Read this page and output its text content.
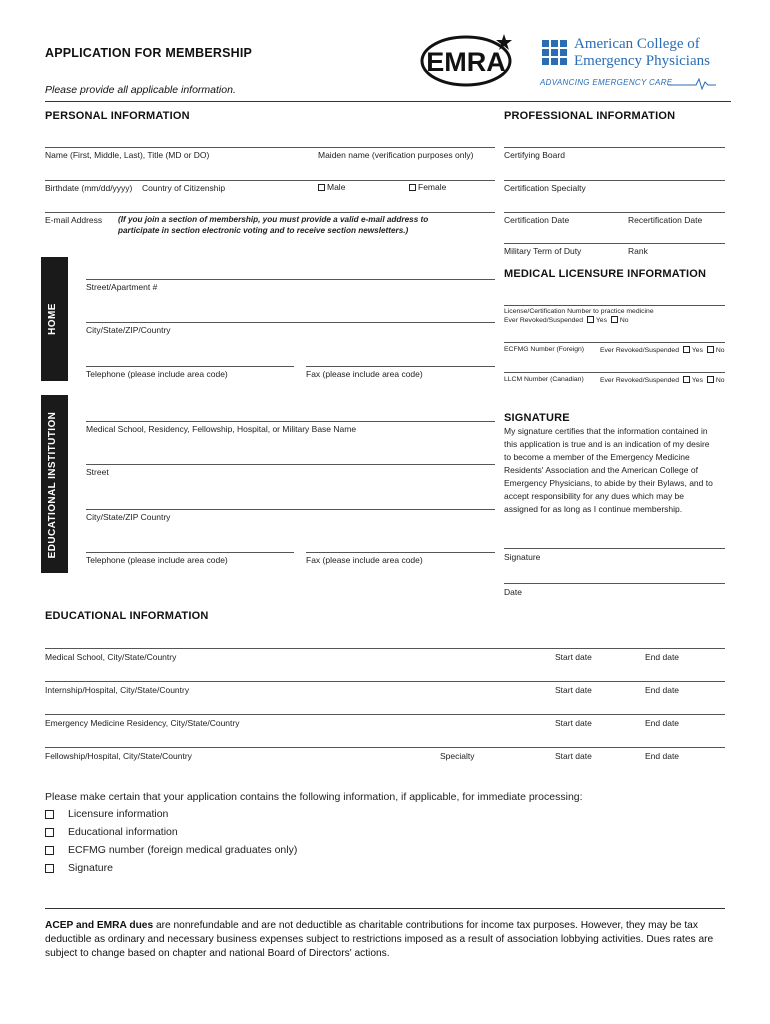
APPLICATION FOR MEMBERSHIP
Please provide all applicable information.
EMRA
American College of
Emergency Physicians
ADVANCING EMERGENCY CARE
PERSONAL INFORMATION
Name (First, Middle, Last), Title (MD or DO)	Maiden name (verification purposes only)
Birthdate (mm/dd/yyyy) Country of Citizenship	Male	Female
E-mail Address (If you join a section of membership, you must provide a valid e-mail address to
participate in section electronic voting and to receive section newsletters.)
HOME
Street/Apartment #
City/State/ZIP/Country
Telephone (please include area code)	Fax (please include area code)
EDUCATIONAL INSTITUTION	Medical School, Residency, Fellowship, Hospital, or Military Base Name
Street
City/State/ZIP Country
Telephone (please include area code)	Fax (please include area code)
PROFESSIONAL INFORMATION
Certifying Board
Certification Specialty
Certification Date	Recertification Date
Military Term of Duty	Rank
MEDICAL LICENSURE INFORMATION
License/Certification Number to practice medicine
Ever Revoked/Suspended Yes No
ECFMG Number (Foreign) Ever Revoked/Suspended Yes No
LLCM Number (Canadian) Ever Revoked/Suspended Yes No
SIGNATURE
My signature certifies that the information contained in
this application is true and is an indication of my desire
to become a member of the Emergency Medicine
Residents' Association and the American College of
Emergency Physicians, to abide by their Bylaws, and to
accept responsibility for any dues which may be
assigned for as long as I continue membership.
Signature
Date
EDUCATIONAL INFORMATION
Medical School, City/State/Country	Start date	End date
Internship/Hospital, City/State/Country	Start date	End date
Emergency Medicine Residency, City/State/Country	Start date	End date
Fellowship/Hospital, City/State/Country	Specialty	Start date	End date
Please make certain that your application contains the following information, if applicable, for immediate processing:
Licensure information
Educational information
ECFMG number (foreign medical graduates only)
Signature
ACEP and EMRA dues are nonrefundable and are not deductible as charitable contributions for income tax purposes. However, they may be tax
deductible as ordinary and necessary business expenses subject to restrictions imposed as a result of association lobbying activities. Dues rates are
subject to change based on chapter and national Board of Directors' actions.
